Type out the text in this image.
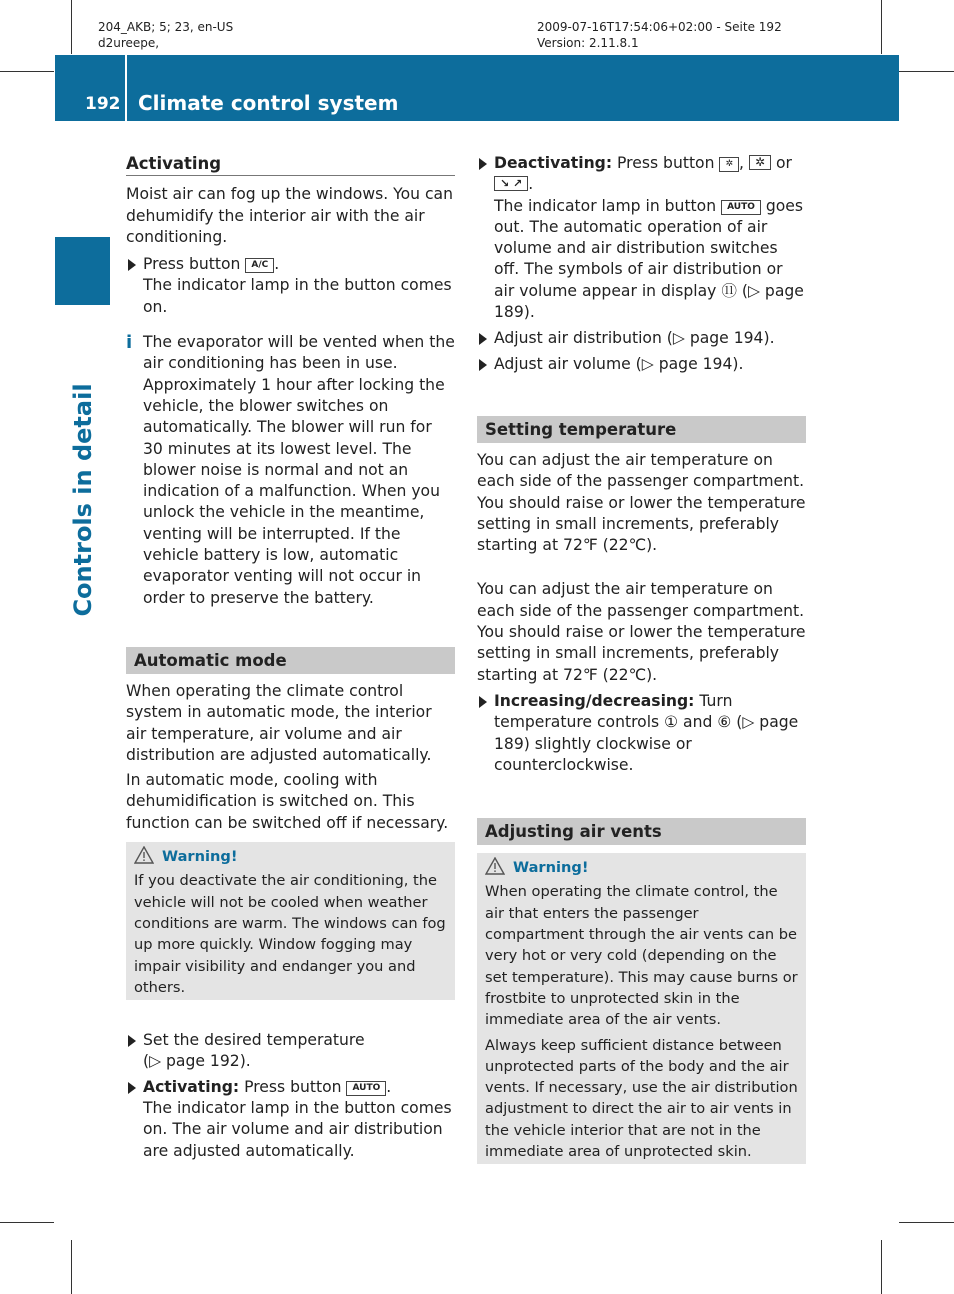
204_AKB; 5; 23, en-US
d2ureepe,
2009-07-16T17:54:06+02:00 - Seite 192
Version: 2.11.8.1
192 Climate control system
Controls in detail
Activating

Moist air can fog up the windows. You can dehumidify the interior air with the air conditioning.

Press button A/C .
The indicator lamp in the button comes on.
i The evaporator will be vented when the air conditioning has been in use. Approximately 1 hour after locking the vehicle, the blower switches on automatically. The blower will run for 30 minutes at its lowest level. The blower noise is normal and not an indication of a malfunction. When you unlock the vehicle in the meantime, venting will be interrupted. If the vehicle battery is low, automatic evaporator venting will not occur in order to preserve the battery.
Automatic mode

When operating the climate control system in automatic mode, the interior air temperature, air volume and air distribution are adjusted automatically.

In automatic mode, cooling with dehumidification is switched on. This function can be switched off if necessary.

Warning!
If you deactivate the air conditioning, the vehicle will not be cooled when weather conditions are warm. The windows can fog up more quickly. Window fogging may impair visibility and endanger you and others.
Set the desired temperature
(▷ page 192).
Activating: Press button AUTO .
The indicator lamp in the button comes on. The air volume and air distribution are adjusted automatically.
Deactivating: Press button ✲ , ✲ or
↘ ↗ .
The indicator lamp in button AUTO goes out. The automatic operation of air volume and air distribution switches off. The symbols of air distribution or air volume appear in display ⑪ (▷ page 189).
Adjust air distribution (▷ page 194).
Adjust air volume (▷ page 194).
Setting temperature

You can adjust the air temperature on each side of the passenger compartment. You should raise or lower the temperature setting in small increments, preferably starting at 72℉ (22℃).

You can adjust the air temperature on each side of the passenger compartment. You should raise or lower the temperature setting in small increments, preferably starting at 72℉ (22℃).

Increasing/decreasing: Turn temperature controls ① and ⑥ (▷ page 189) slightly clockwise or counterclockwise.
Adjusting air vents
Warning!
When operating the climate control, the air that enters the passenger compartment through the air vents can be very hot or very cold (depending on the set temperature). This may cause burns or frostbite to unprotected skin in the immediate area of the air vents.
Always keep sufficient distance between unprotected parts of the body and the air vents. If necessary, use the air distribution adjustment to direct the air to air vents in the vehicle interior that are not in the immediate area of unprotected skin.
